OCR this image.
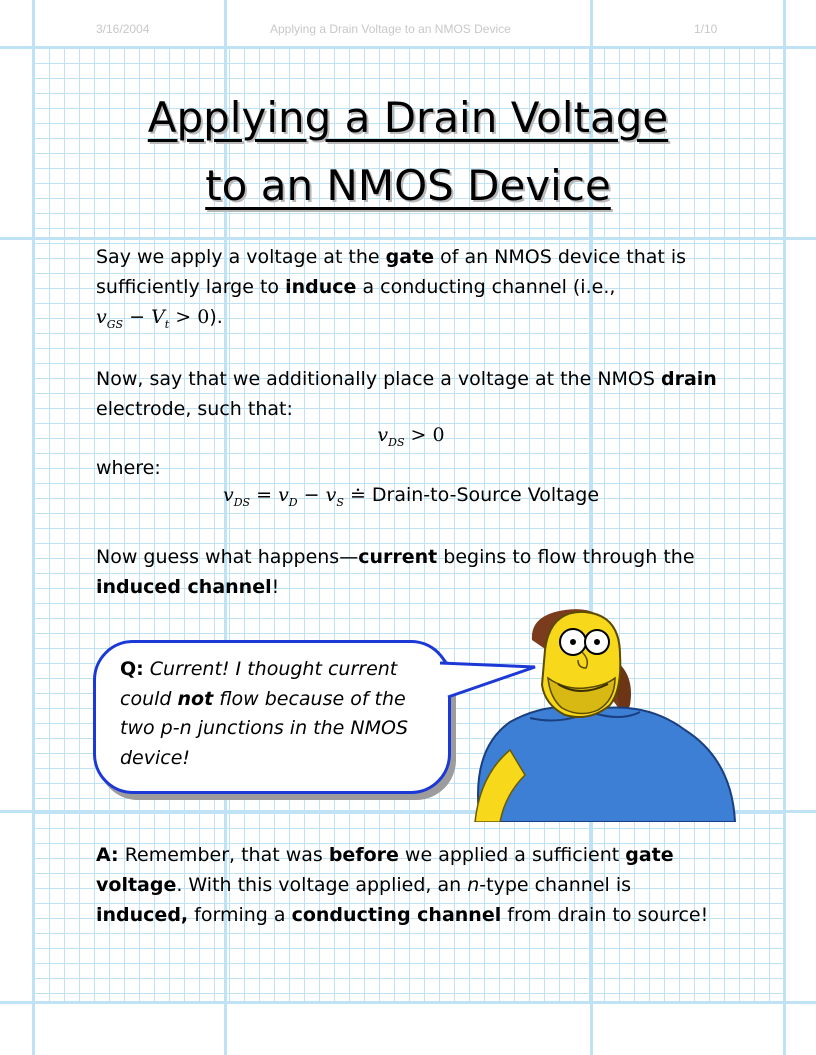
3/16/2004	Applying a Drain Voltage to an NMOS Device	1/10
Applying a Drain Voltage
to an NMOS Device

Say we apply a voltage at the gate of an NMOS device that is sufficiently large to induce a conducting channel (i.e.,
$v_{GS} - V_t > 0$).

Now, say that we additionally place a voltage at the NMOS drain electrode, such that:

$v_{DS} > 0$

where:

$v_{DS} = v_D - v_S$ ≐ Drain-to-Source Voltage

Now guess what happens—current begins to flow through the induced channel!

Q: Current! I thought current could not flow because of the two p-n junctions in the NMOS device!

A: Remember, that was before we applied a sufficient gate voltage. With this voltage applied, an n-type channel is induced, forming a conducting channel from drain to source!
